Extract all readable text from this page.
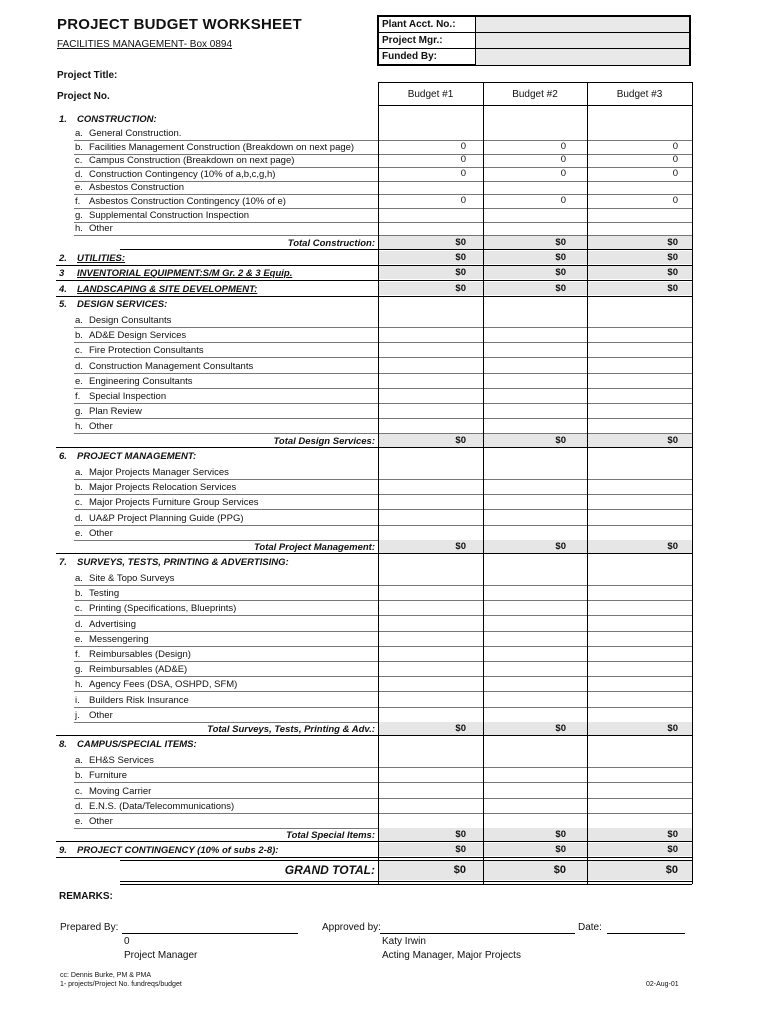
PROJECT BUDGET WORKSHEET
FACILITIES MANAGEMENT- Box 0894
Plant Acct. No.:
Project Mgr.:
Funded By:
Project Title:
Project No.	Budget #1	Budget #2	Budget #3
1. CONSTRUCTION:
a. General Construction.
b. Facilities Management Construction (Breakdown on next page)	0	0	0
c. Campus Construction (Breakdown on next page)	0	0	0
d. Construction Contingency (10% of a,b,c,g,h)	0	0	0
e. Asbestos Construction
f. Asbestos Construction Contingency (10% of e)	0	0	0
g. Supplemental Construction Inspection
h. Other
Total Construction:	$0	$0	$0
2. UTILITIES:	$0	$0	$0
3 INVENTORIAL EQUIPMENT:S/M Gr. 2 & 3 Equip.	$0	$0	$0
4. LANDSCAPING & SITE DEVELOPMENT:	$0	$0	$0
5. DESIGN SERVICES:
a. Design Consultants
b. AD&E Design Services
c. Fire Protection Consultants
d. Construction Management Consultants
e. Engineering Consultants
f. Special Inspection
g. Plan Review
h. Other
Total Design Services:	$0	$0	$0
6. PROJECT MANAGEMENT:
a. Major Projects Manager Services
b. Major Projects Relocation Services
c. Major Projects Furniture Group Services
d. UA&P Project Planning Guide (PPG)
e. Other
Total Project Management:	$0	$0	$0
7. SURVEYS, TESTS, PRINTING & ADVERTISING:
a. Site & Topo Surveys
b. Testing
c. Printing (Specifications, Blueprints)
d. Advertising
e. Messengering
f. Reimbursables (Design)
g. Reimbursables (AD&E)
h. Agency Fees (DSA, OSHPD, SFM)
i. Builders Risk Insurance
j. Other
Total Surveys, Tests, Printing & Adv.:	$0	$0	$0
8. CAMPUS/SPECIAL ITEMS:
a. EH&S Services
b. Furniture
c. Moving Carrier
d. E.N.S. (Data/Telecommunications)
e. Other
Total Special Items:	$0	$0	$0
9. PROJECT CONTINGENCY (10% of subs 2-8):	$0	$0	$0
GRAND TOTAL:	$0	$0	$0
REMARKS:
Prepared By:
0
Project Manager
Approved by:
Katy Irwin
Acting Manager, Major Projects
Date:
cc: Dennis Burke, PM & PMA
1- projects/Project No. fundreqs/budget	02-Aug-01
